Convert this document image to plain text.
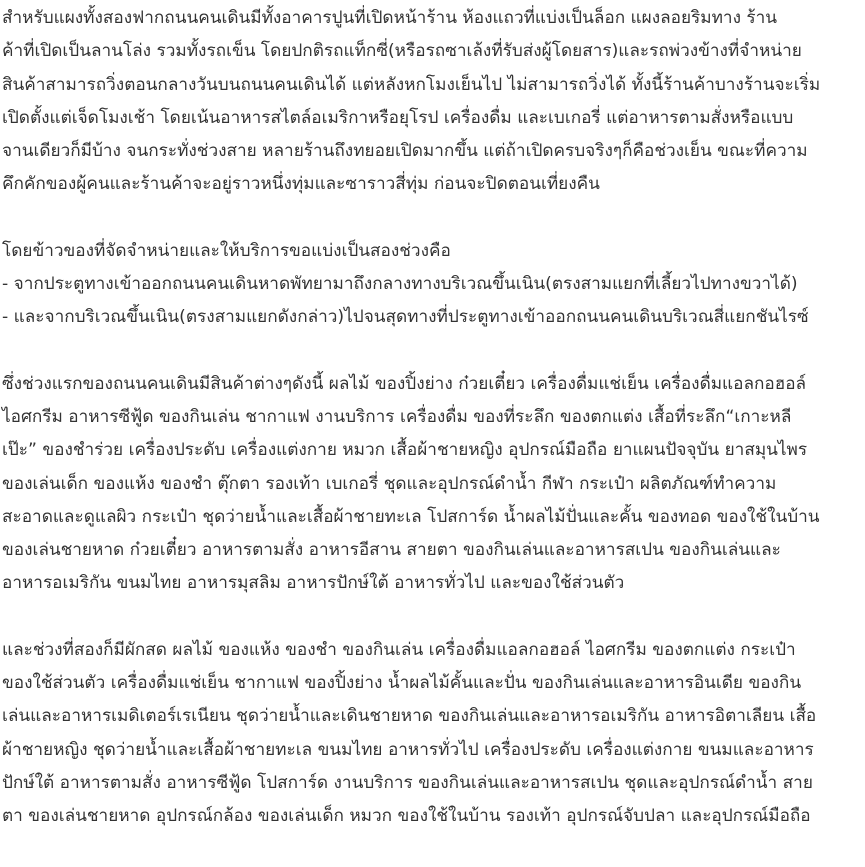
สำหรับแผงทั้งสองฟากถนนคนเดินมีทั้งอาคารปูนที่เปิดหน้าร้าน ห้องแถวที่แบ่งเป็นล็อก แผงลอยริมทาง ร้าน
ค้าที่เปิดเป็นลานโล่ง รวมทั้งรถเข็น โดยปกติรถแท็กซี่(หรือรถซาเล้งที่รับส่งผู้โดยสาร)และรถพ่วงข้างที่จำหน่าย
สินค้าสามารถวิ่งตอนกลางวันบนถนนคนเดินได้ แต่หลังหกโมงเย็นไป ไม่สามารถวิ่งได้ ทั้งนี้ร้านค้าบางร้านจะเริ่ม
เปิดตั้งแต่เจ็ดโมงเช้า โดยเน้นอาหารสไตล์อเมริกาหรือยุโรป เครื่องดื่ม และเบเกอรี่ แต่อาหารตามสั่งหรือแบบ
จานเดียวก็มีบ้าง จนกระทั่งช่วงสาย หลายร้านถึงทยอยเปิดมากขึ้น แต่ถ้าเปิดครบจริงๆก็คือช่วงเย็น ขณะที่ความ
คึกคักของผู้คนและร้านค้าจะอยู่ราวหนึ่งทุ่มและซาราวสี่ทุ่ม ก่อนจะปิดตอนเที่ยงคืน
โดยข้าวของที่จัดจำหน่ายและให้บริการขอแบ่งเป็นสองช่วงคือ
- จากประตูทางเข้าออกถนนคนเดินหาดพัทยามาถึงกลางทางบริเวณขึ้นเนิน(ตรงสามแยกที่เลี้ยวไปทางขวาได้)
- และจากบริเวณขึ้นเนิน(ตรงสามแยกดังกล่าว)ไปจนสุดทางที่ประตูทางเข้าออกถนนคนเดินบริเวณสี่แยกชันไรซ์
ซึ่งช่วงแรกของถนนคนเดินมีสินค้าต่างๆดังนี้ ผลไม้ ของปิ้งย่าง ก๋วยเตี๋ยว เครื่องดื่มแช่เย็น เครื่องดื่มแอลกอฮอล์
ไอศกรีม อาหารซีฟู้ด ของกินเล่น ชากาแฟ งานบริการ เครื่องดื่ม ของที่ระลึก ของตกแต่ง เสื้อที่ระลึก“เกาะหลี
เป๊ะ” ของชำร่วย เครื่องประดับ เครื่องแต่งกาย หมวก เสื้อผ้าชายหญิง อุปกรณ์มือถือ ยาแผนปัจจุบัน ยาสมุนไพร
ของเล่นเด็ก ของแห้ง ของชำ ตุ๊กตา รองเท้า เบเกอรี่ ชุดและอุปกรณ์ดำน้ำ กีฬา กระเป๋า ผลิตภัณฑ์ทำความ
สะอาดและดูแลผิว กระเป๋า ชุดว่ายน้ำและเสื้อผ้าชายทะเล โปสการ์ด น้ำผลไม้ปั่นและคั้น ของทอด ของใช้ในบ้าน
ของเล่นชายหาด ก๋วยเตี๋ยว อาหารตามสั่ง อาหารอีสาน สายตา ของกินเล่นและอาหารสเปน ของกินเล่นและ
อาหารอเมริกัน ขนมไทย อาหารมุสลิม อาหารปักษ์ใต้ อาหารทั่วไป และของใช้ส่วนตัว
และช่วงที่สองก็มีผักสด ผลไม้ ของแห้ง ของชำ ของกินเล่น เครื่องดื่มแอลกอฮอล์ ไอศกรีม ของตกแต่ง กระเป๋า
ของใช้ส่วนตัว เครื่องดื่มแช่เย็น ชากาแฟ ของปิ้งย่าง น้ำผลไม้คั้นและปั่น ของกินเล่นและอาหารอินเดีย ของกิน
เล่นและอาหารเมดิเตอร์เรเนียน ชุดว่ายน้ำและเดินชายหาด ของกินเล่นและอาหารอเมริกัน อาหารอิตาเลียน เสื้อ
ผ้าชายหญิง ชุดว่ายน้ำและเสื้อผ้าชายทะเล ขนมไทย อาหารทั่วไป เครื่องประดับ เครื่องแต่งกาย ขนมและอาหาร
ปักษ์ใต้ อาหารตามสั่ง อาหารซีฟู้ด โปสการ์ด งานบริการ ของกินเล่นและอาหารสเปน ชุดและอุปกรณ์ดำน้ำ สาย
ตา ของเล่นชายหาด อุปกรณ์กล้อง ของเล่นเด็ก หมวก ของใช้ในบ้าน รองเท้า อุปกรณ์จับปลา และอุปกรณ์มือถือ
